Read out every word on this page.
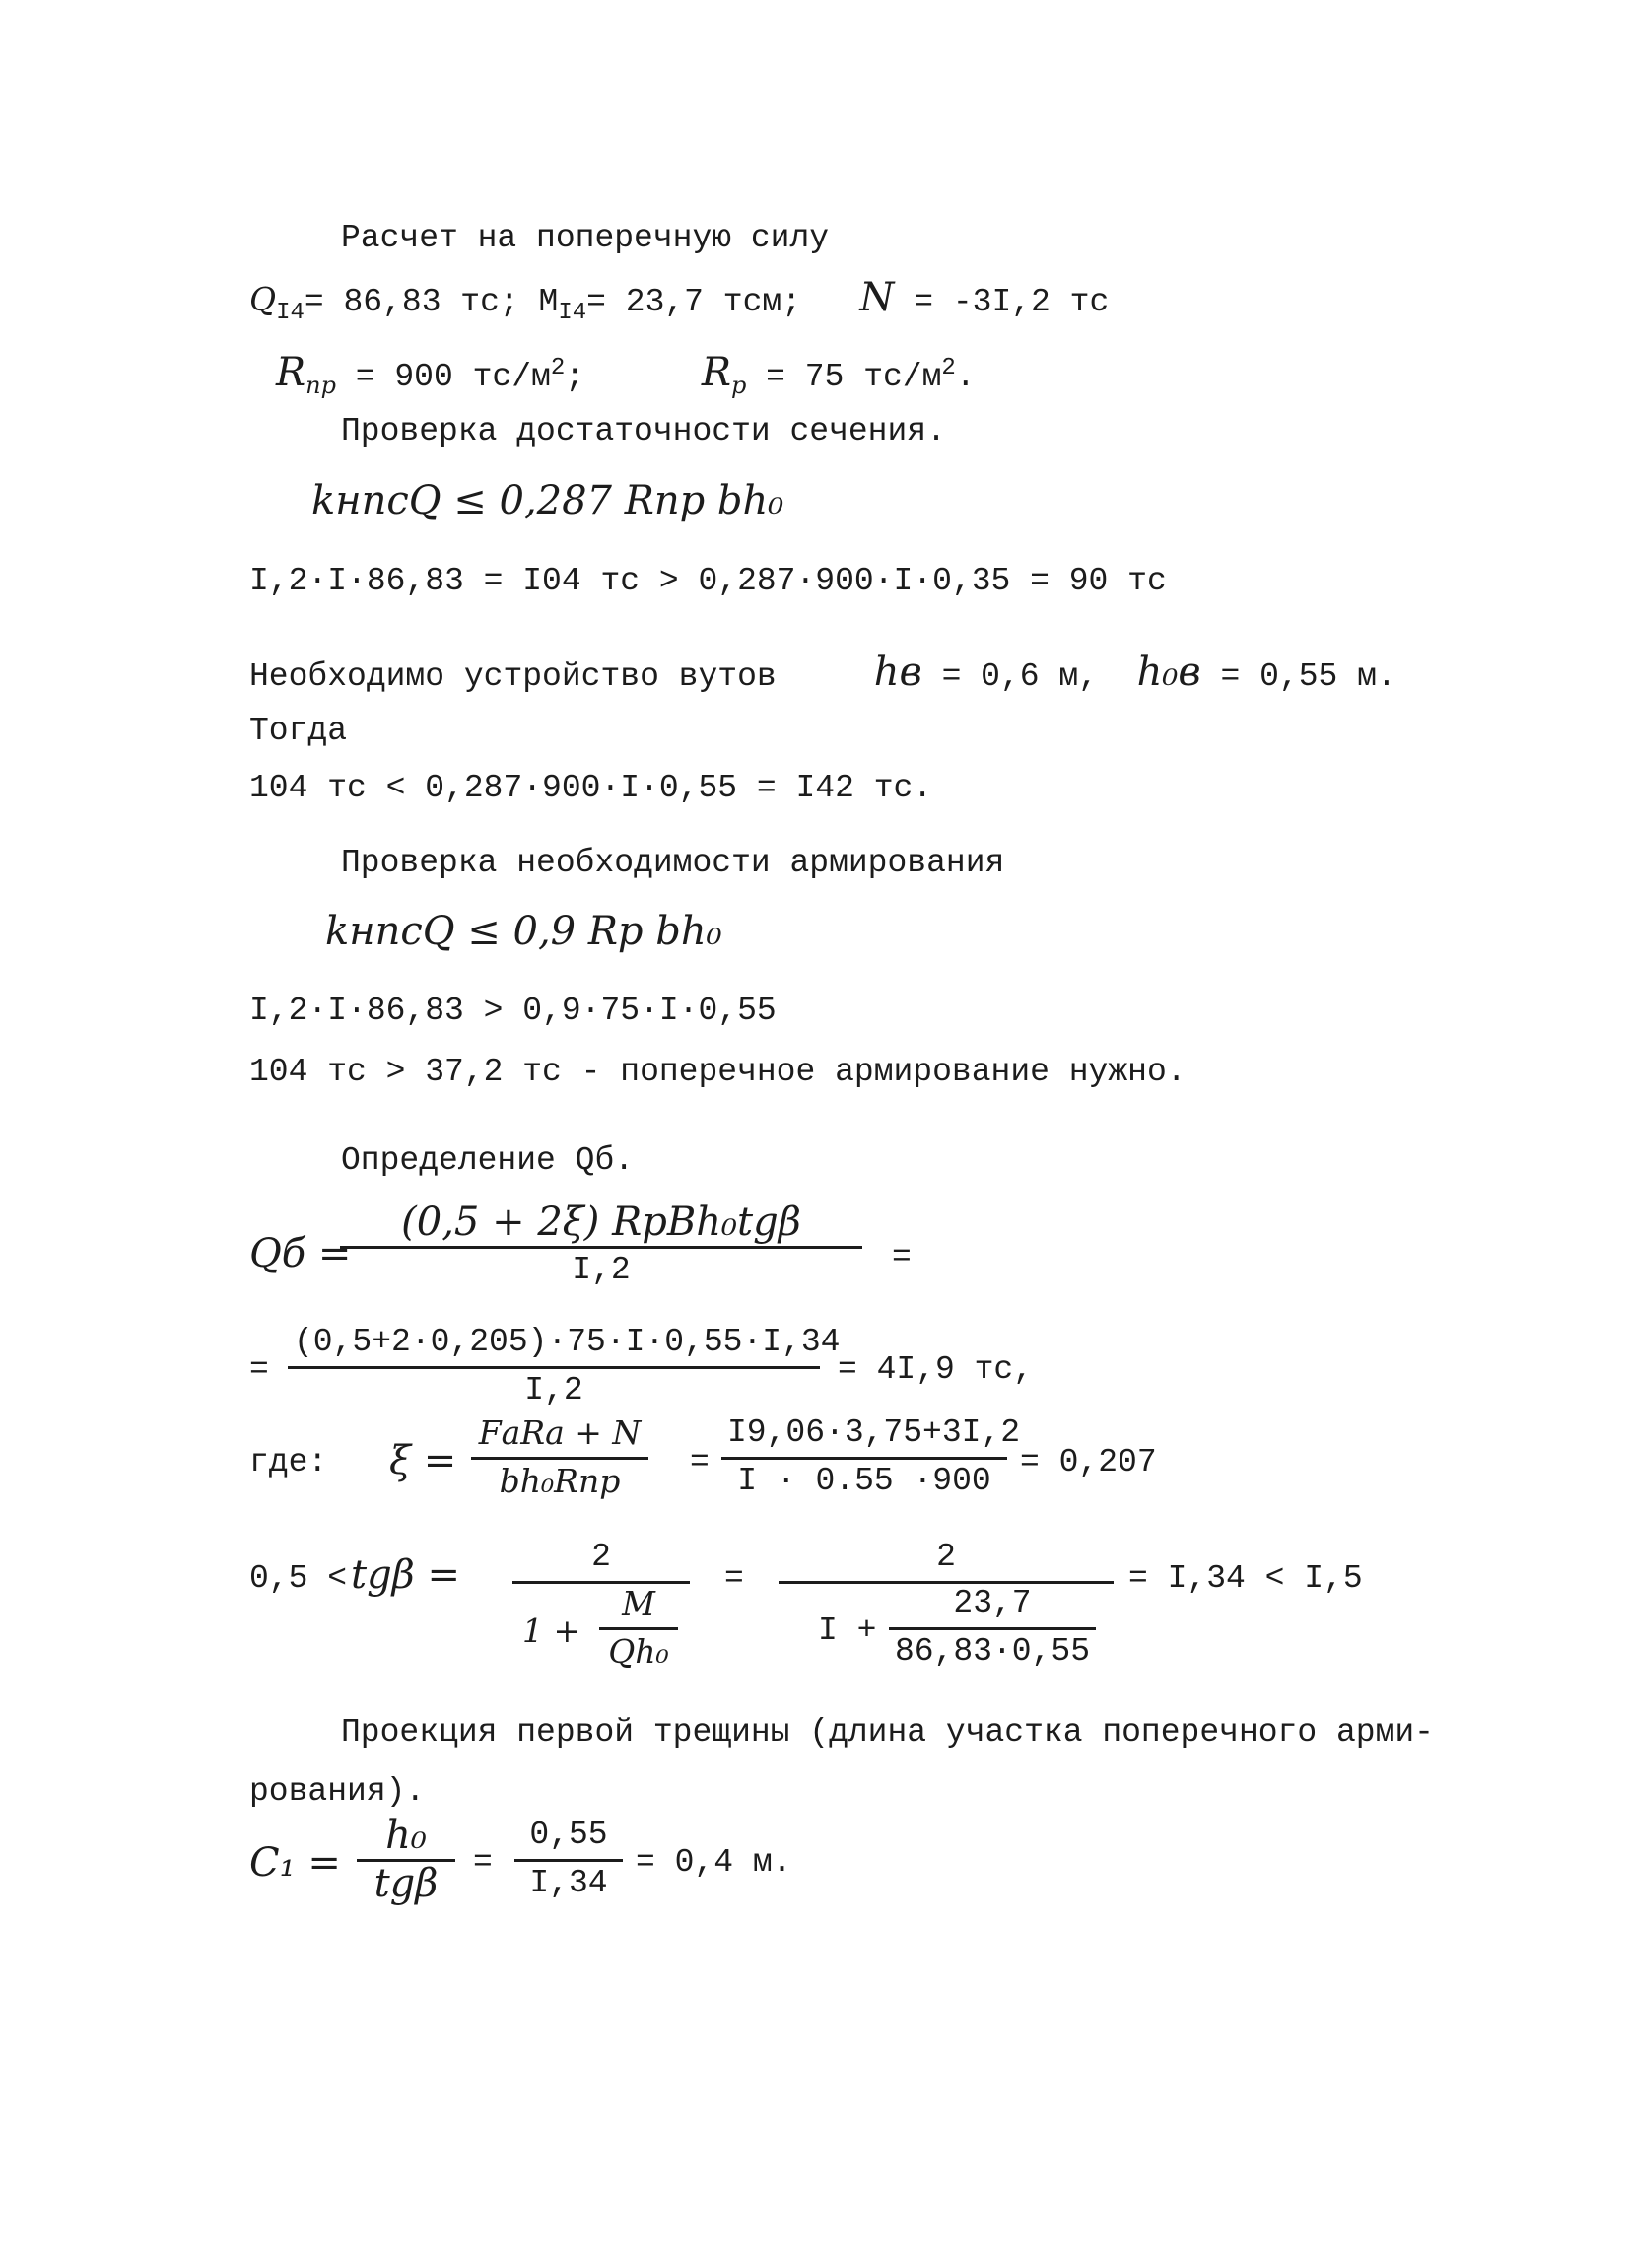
Расчет на поперечную силу
$Q_{I4}= 86,83$ тс; $M_{I4}= 23,7$ тсм; N = -3I,2 тс
$R_{пр} = 900$ $тс/м^2$;	$R_р = 75$ $тс/м^2$.
Проверка достаточности сечения.
kнncQ ≤ 0,287 Rпр bh₀
I,2·I·86,83 = I04 тс > 0,287·900·I·0,35 = 90 тс
Необходимо устройство вутов hв = 0,6 м, h₀в = 0,55 м.
Тогда
104 тс < 0,287·900·I·0,55 = I42 тс.
Проверка необходимости армирования
kнncQ ≤ 0,9 Rр bh₀
I,2·I·86,83 > 0,9·75·I·0,55
104 тс > 37,2 тс - поперечное армирование нужно.
Определение Qб.
Qб =
(0,5 + 2ξ) RрBh₀tgβ
I,2	=
= $\frac{(0,5+2\cdot 0,205)\cdot 75\cdot I\cdot 0,55\cdot I,34}{I,2} = 4I,9$ тс,
где: ξ =
FаRа + N
bh₀Rпр	= $\frac{I9,06\cdot 3,75+3I,2}{I \cdot 0.55 \cdot 900} = 0,207$
$0,5 < tg\beta = \frac{2}{1 + \frac{M}{\text{Qh₀}}} = \frac{2}{I + \frac{23,7}{86,83\cdot 0,55}} = I,34 < I,5$
Проекция первой трещины (длина участка поперечного арми-
рования).
C₁ =
h₀
tgβ	= $\frac{0,55}{I,34} = 0,4$ м.
